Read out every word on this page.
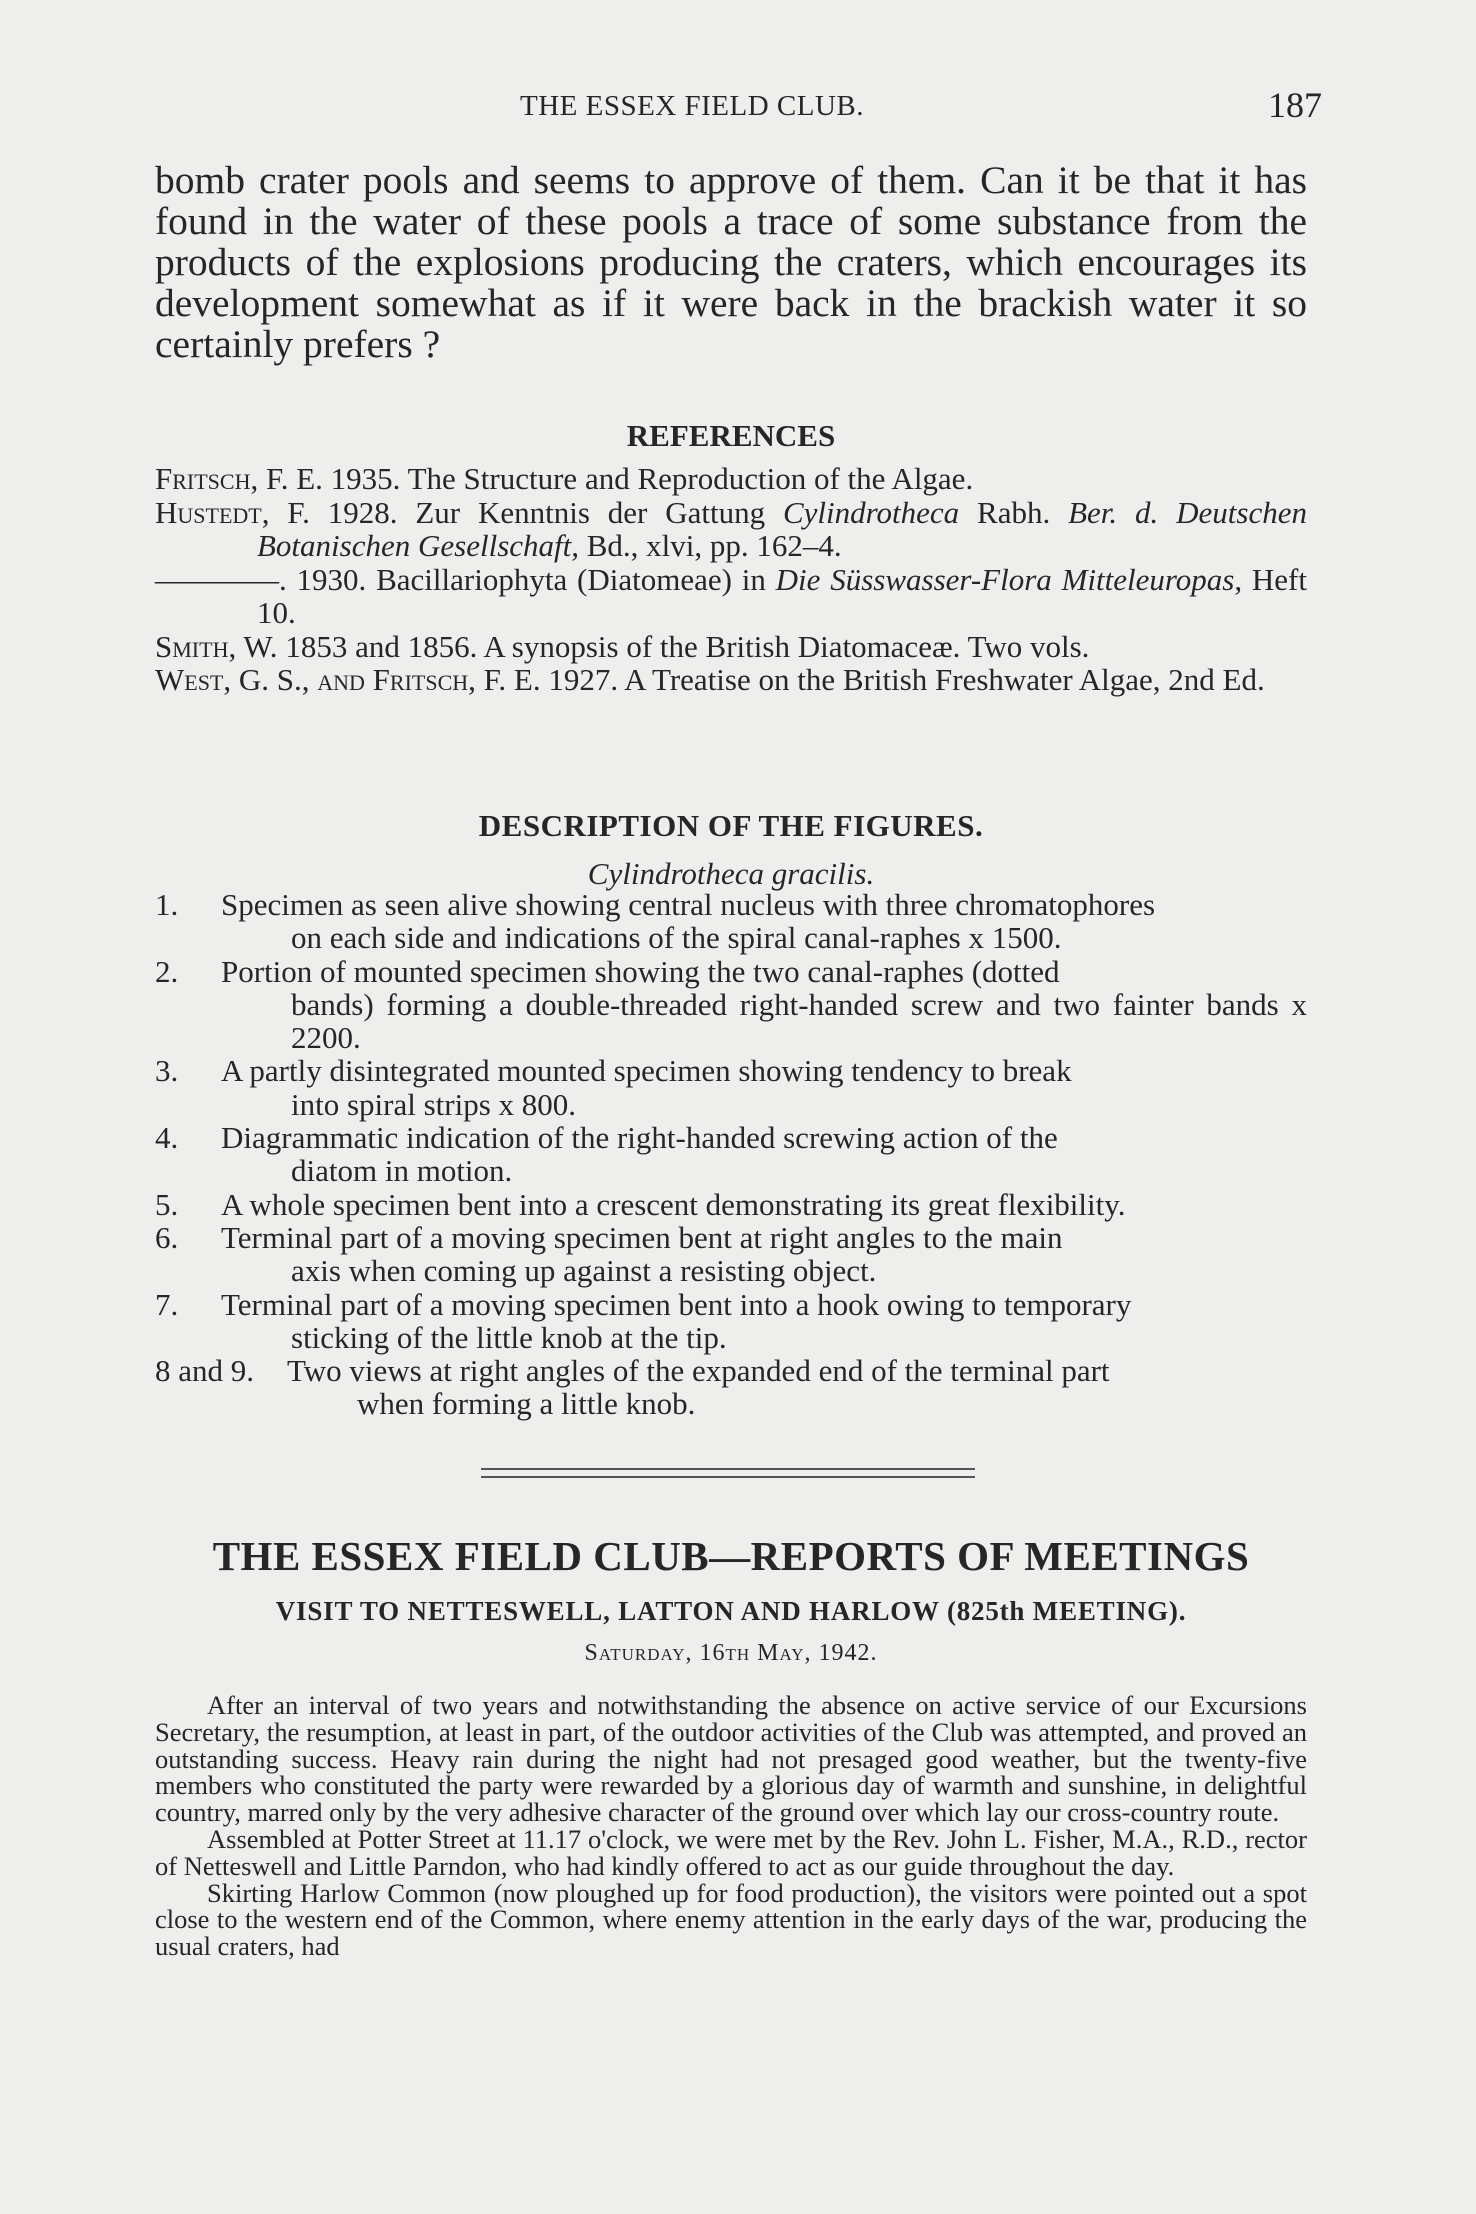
THE ESSEX FIELD CLUB.	187
bomb crater pools and seems to approve of them. Can it be that it has found in the water of these pools a trace of some substance from the products of the explosions producing the craters, which encourages its development somewhat as if it were back in the brackish water it so certainly prefers ?
REFERENCES
Fritsch, F. E. 1935. The Structure and Reproduction of the Algae.
Hustedt, F. 1928. Zur Kenntnis der Gattung Cylindrotheca Rabh. Ber. d. Deutschen Botanischen Gesellschaft, Bd., xlvi, pp. 162–4.
————. 1930. Bacillariophyta (Diatomeae) in Die Süsswasser-Flora Mitteleuropas, Heft 10.
Smith, W. 1853 and 1856. A synopsis of the British Diatomaceæ. Two vols.
West, G. S., and Fritsch, F. E. 1927. A Treatise on the British Freshwater Algae, 2nd Ed.
DESCRIPTION OF THE FIGURES.
Cylindrotheca gracilis.
1.	Specimen as seen alive showing central nucleus with three chromatophores
on each side and indications of the spiral canal-raphes x 1500.
2.	Portion of mounted specimen showing the two canal-raphes (dotted
bands) forming a double-threaded right-handed screw and two fainter bands x 2200.
3.	A partly disintegrated mounted specimen showing tendency to break
into spiral strips x 800.
4.	Diagrammatic indication of the right-handed screwing action of the
diatom in motion.
5.	A whole specimen bent into a crescent demonstrating its great flexibility.
6.	Terminal part of a moving specimen bent at right angles to the main
axis when coming up against a resisting object.
7.	Terminal part of a moving specimen bent into a hook owing to temporary
sticking of the little knob at the tip.
8 and 9.	Two views at right angles of the expanded end of the terminal part
when forming a little knob.
THE ESSEX FIELD CLUB—REPORTS OF MEETINGS
VISIT TO NETTESWELL, LATTON AND HARLOW (825th MEETING).
Saturday, 16th May, 1942.

After an interval of two years and notwithstanding the absence on active service of our Excursions Secretary, the resumption, at least in part, of the outdoor activities of the Club was attempted, and proved an outstanding success. Heavy rain during the night had not presaged good weather, but the twenty-five members who constituted the party were rewarded by a glorious day of warmth and sunshine, in delightful country, marred only by the very adhesive character of the ground over which lay our cross-country route.

Assembled at Potter Street at 11.17 o'clock, we were met by the Rev. John L. Fisher, M.A., R.D., rector of Netteswell and Little Parndon, who had kindly offered to act as our guide throughout the day.

Skirting Harlow Common (now ploughed up for food production), the visitors were pointed out a spot close to the western end of the Common, where enemy attention in the early days of the war, producing the usual craters, had
